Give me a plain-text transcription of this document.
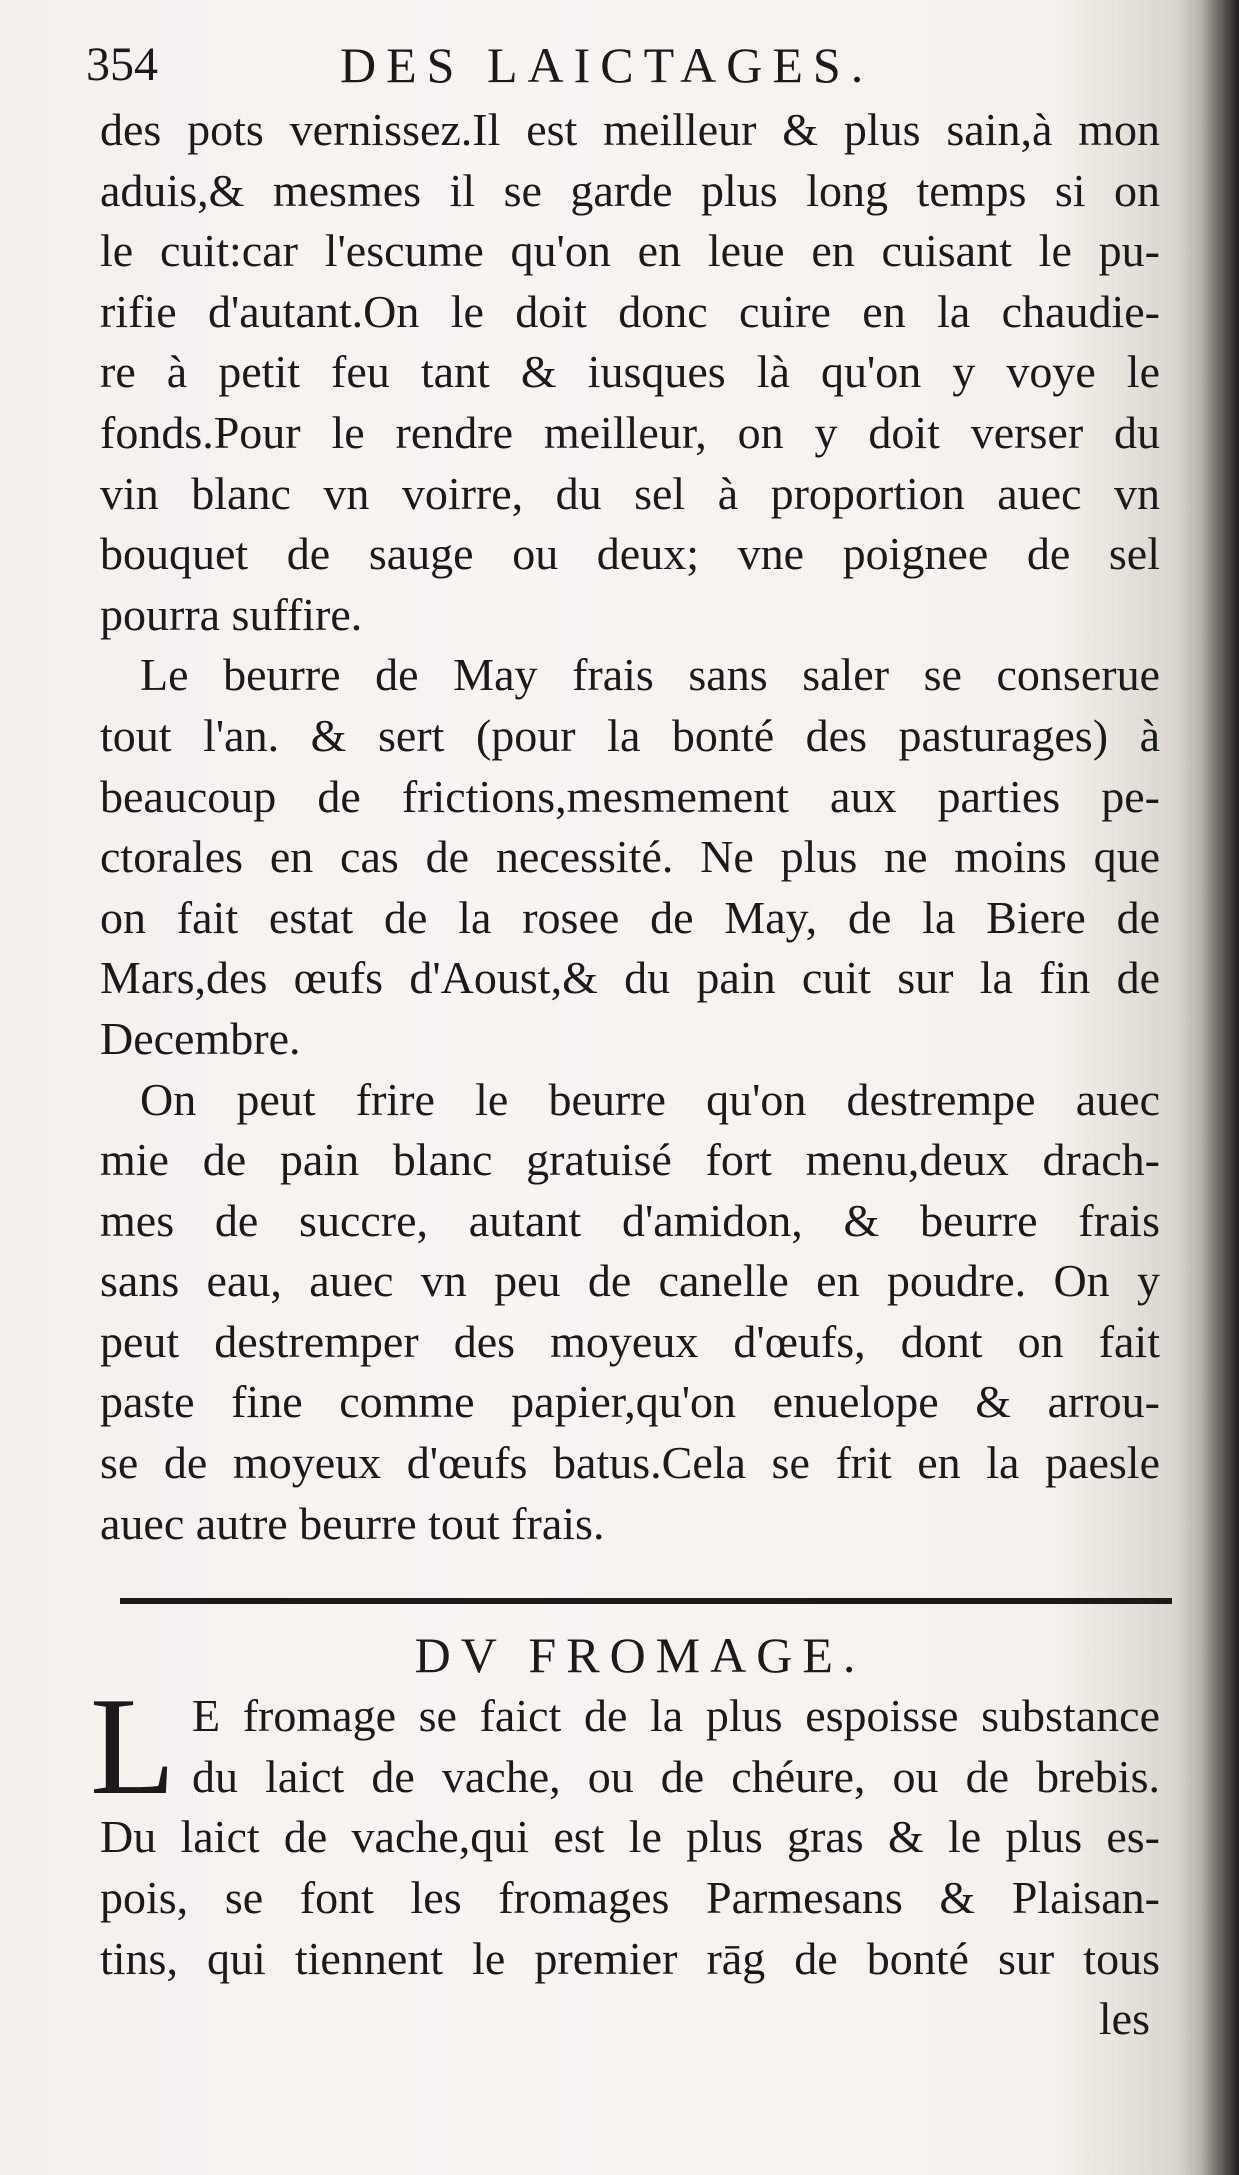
354	DES LAICTAGES.
des pots vernissez.Il est meilleur & plus sain,à mon
aduis,& mesmes il se garde plus long temps si on
le cuit:car l'escume qu'on en leue en cuisant le pu-
rifie d'autant.On le doit donc cuire en la chaudie-
re à petit feu tant & iusques là qu'on y voye le
fonds.Pour le rendre meilleur, on y doit verser du
vin blanc vn voirre, du sel à proportion auec vn
bouquet de sauge ou deux; vne poignee de sel
pourra suffire.
Le beurre de May frais sans saler se conserue
tout l'an. & sert (pour la bonté des pasturages) à
beaucoup de frictions,mesmement aux parties pe-
ctorales en cas de necessité. Ne plus ne moins que
on fait estat de la rosee de May, de la Biere de
Mars,des œufs d'Aoust,& du pain cuit sur la fin de
Decembre.
On peut frire le beurre qu'on destrempe auec
mie de pain blanc gratuisé fort menu,deux drach-
mes de succre, autant d'amidon, & beurre frais
sans eau, auec vn peu de canelle en poudre. On y
peut destremper des moyeux d'œufs, dont on fait
paste fine comme papier,qu'on enuelope & arrou-
se de moyeux d'œufs batus.Cela se frit en la paesle
auec autre beurre tout frais.
DV FROMAGE.
L E fromage se faict de la plus espoisse substance
du laict de vache, ou de chéure, ou de brebis.
Du laict de vache,qui est le plus gras & le plus es-
pois, se font les fromages Parmesans & Plaisan-
tins, qui tiennent le premier rāg de bonté sur tous
les
